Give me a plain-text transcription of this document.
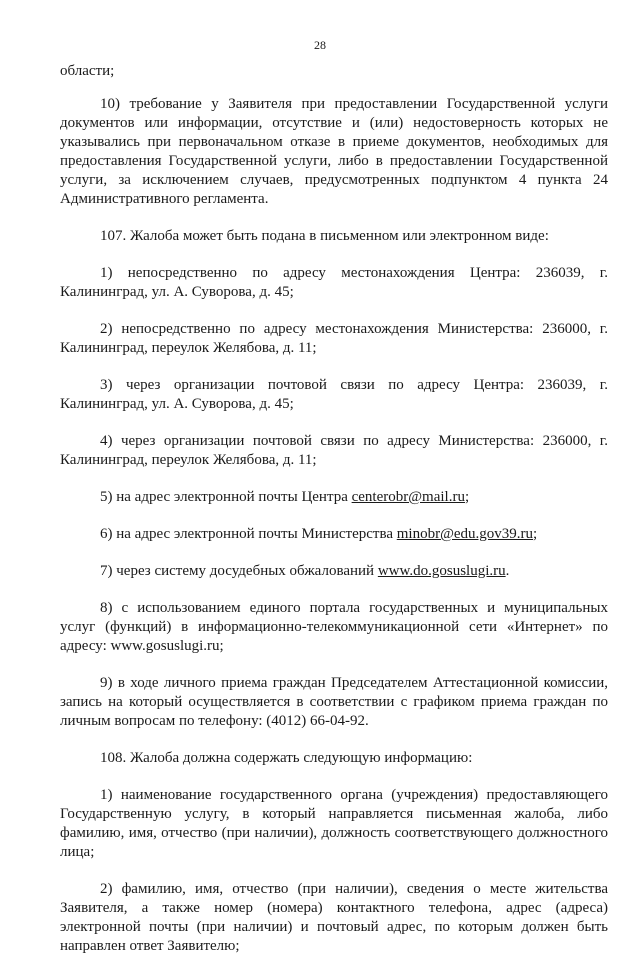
28

области;

10) требование у Заявителя при предоставлении Государственной услуги документов или информации, отсутствие и (или) недостоверность которых не указывались при первоначальном отказе в приеме документов, необходимых для предоставления Государственной услуги, либо в предоставлении Государственной услуги, за исключением случаев, предусмотренных подпунктом 4 пункта 24 Административного регламента.

107. Жалоба может быть подана в письменном или электронном виде:

1) непосредственно по адресу местонахождения Центра: 236039, г. Калининград, ул. А. Суворова, д. 45;

2) непосредственно по адресу местонахождения Министерства: 236000, г. Калининград, переулок Желябова, д. 11;

3) через организации почтовой связи по адресу Центра: 236039, г. Калининград, ул. А. Суворова, д. 45;

4) через организации почтовой связи по адресу Министерства: 236000, г. Калининград, переулок Желябова, д. 11;

5) на адрес электронной почты Центра centerobr@mail.ru;

6) на адрес электронной почты Министерства minobr@edu.gov39.ru;

7) через систему досудебных обжалований www.do.gosuslugi.ru.

8) с использованием единого портала государственных и муниципальных услуг (функций) в информационно-телекоммуникационной сети «Интернет» по адресу: www.gosuslugi.ru;

9) в ходе личного приема граждан Председателем Аттестационной комиссии, запись на который осуществляется в соответствии с графиком приема граждан по личным вопросам по телефону: (4012) 66-04-92.

108. Жалоба должна содержать следующую информацию:

1) наименование государственного органа (учреждения) предоставляющего Государственную услугу, в который направляется письменная жалоба, либо фамилию, имя, отчество (при наличии), должность соответствующего должностного лица;

2) фамилию, имя, отчество (при наличии), сведения о месте жительства Заявителя, а также номер (номера) контактного телефона, адрес (адреса) электронной почты (при наличии) и почтовый адрес, по которым должен быть направлен ответ Заявителю;
